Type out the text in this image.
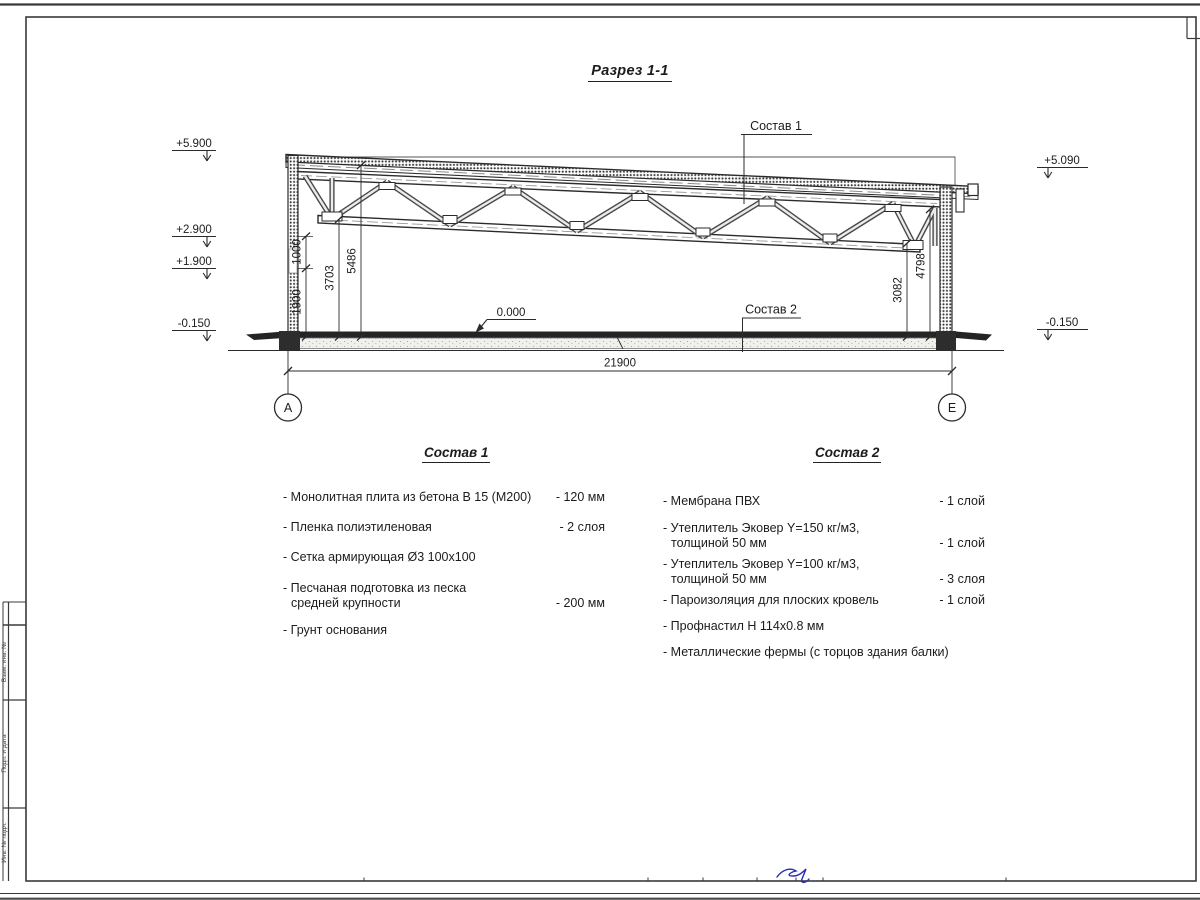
+5.900
+2.900
+1.900
-0.150
+5.090
-0.150
0.000
1000
1900
3703
5486
3082
4798
21900
А	Е
Состав 1
Состав 2
Разрез 1-1
Состав 1
- Монолитная плита из бетона В 15 (М200)	- 120 мм
- Пленка полиэтиленовая	- 2 слоя
- Сетка армирующая Ø3 100х100
- Песчаная подготовка из песка
средней крупности	- 200 мм
- Грунт основания
Состав 2
- Мембрана ПВХ	- 1 слой
- Утеплитель Эковер Y=150 кг/м3,
толщиной 50 мм	- 1 слой
- Утеплитель Эковер Y=100 кг/м3,
толщиной 50 мм	- 3 слоя
- Пароизоляция для плоских кровель	- 1 слой
- Профнастил Н 114х0.8 мм
- Металлические фермы (с торцов здания балки)
Взам. инв. №
Подп. и дата
Инв. № подл.
